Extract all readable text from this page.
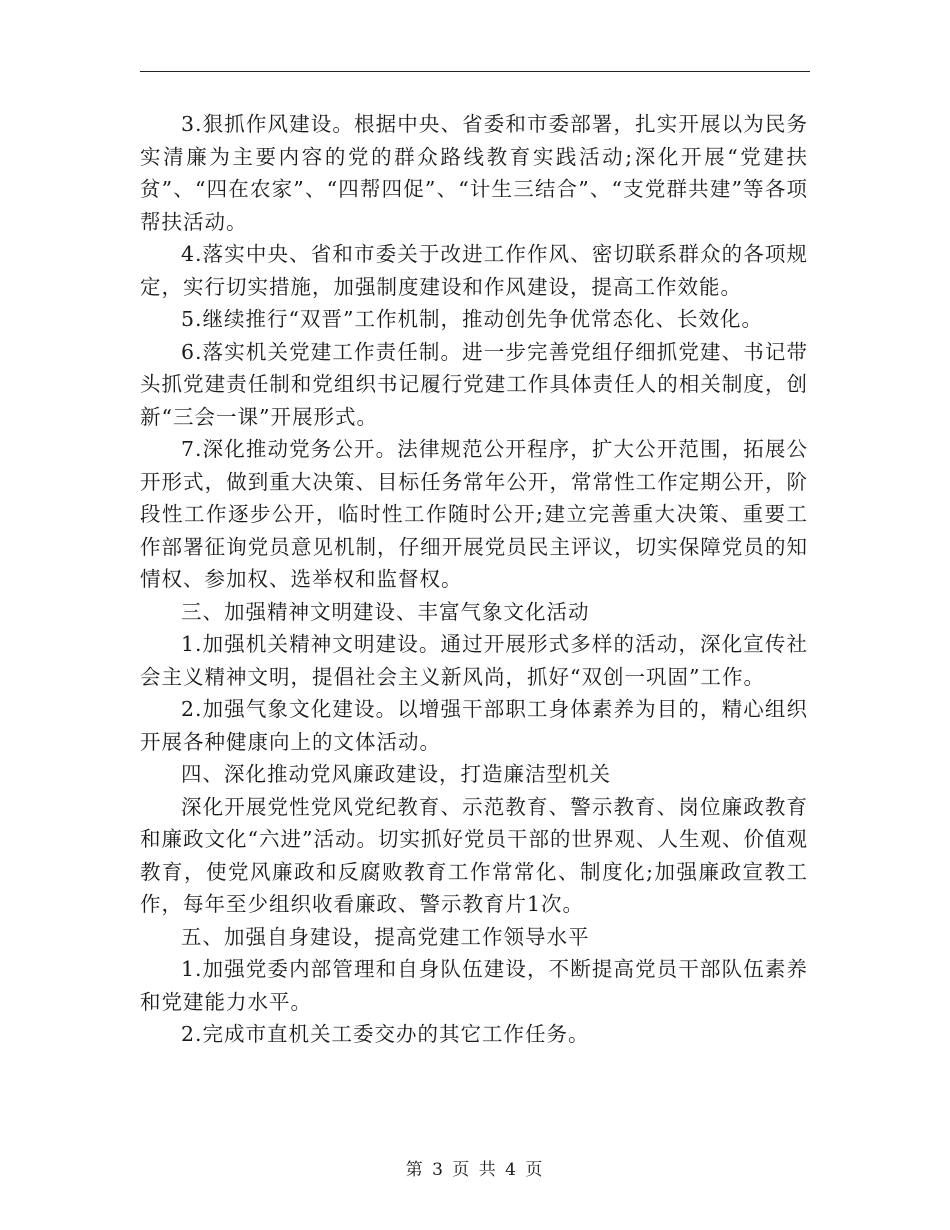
3.狠抓作风建设。根据中央、省委和市委部署，扎实开展以为民务实清廉为主要内容的党的群众路线教育实践活动;深化开展“党建扶贫”、“四在农家”、“四帮四促”、“计生三结合”、“支党群共建”等各项帮扶活动。

4.落实中央、省和市委关于改进工作作风、密切联系群众的各项规定，实行切实措施，加强制度建设和作风建设，提高工作效能。

5.继续推行“双晋”工作机制，推动创先争优常态化、长效化。

6.落实机关党建工作责任制。进一步完善党组仔细抓党建、书记带头抓党建责任制和党组织书记履行党建工作具体责任人的相关制度，创新“三会一课”开展形式。

7.深化推动党务公开。法律规范公开程序，扩大公开范围，拓展公开形式，做到重大决策、目标任务常年公开，常常性工作定期公开，阶段性工作逐步公开，临时性工作随时公开;建立完善重大决策、重要工作部署征询党员意见机制，仔细开展党员民主评议，切实保障党员的知情权、参加权、选举权和监督权。

三、加强精神文明建设、丰富气象文化活动

1.加强机关精神文明建设。通过开展形式多样的活动，深化宣传社会主义精神文明，提倡社会主义新风尚，抓好“双创一巩固”工作。

2.加强气象文化建设。以增强干部职工身体素养为目的，精心组织开展各种健康向上的文体活动。

四、深化推动党风廉政建设，打造廉洁型机关

深化开展党性党风党纪教育、示范教育、警示教育、岗位廉政教育和廉政文化“六进”活动。切实抓好党员干部的世界观、人生观、价值观教育，使党风廉政和反腐败教育工作常常化、制度化;加强廉政宣教工作，每年至少组织收看廉政、警示教育片1次。

五、加强自身建设，提高党建工作领导水平

1.加强党委内部管理和自身队伍建设，不断提高党员干部队伍素养和党建能力水平。

2.完成市直机关工委交办的其它工作任务。

第 3 页 共 4 页
